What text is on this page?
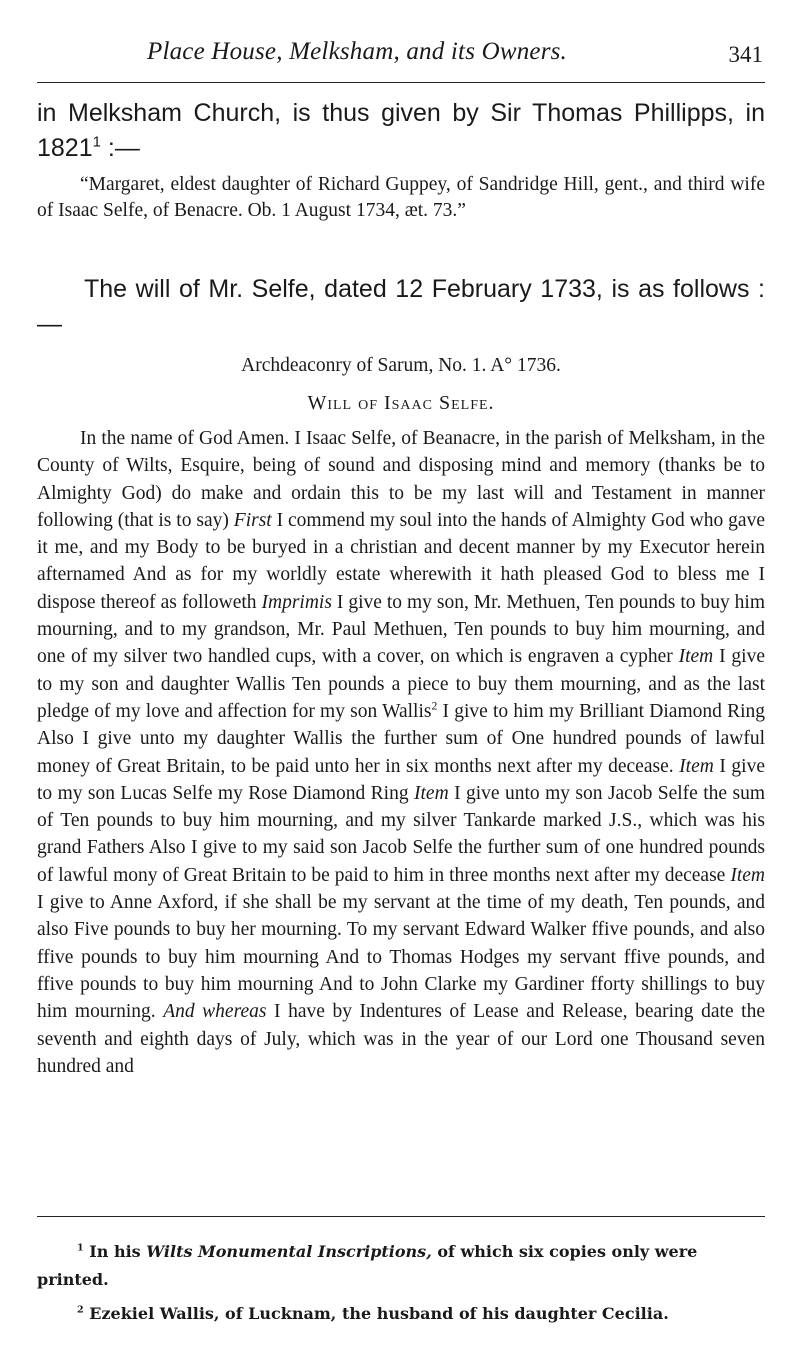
Place House, Melksham, and its Owners.	341
in Melksham Church, is thus given by Sir Thomas Phillipps, in 1821$^1$ :—

“Margaret, eldest daughter of Richard Guppey, of Sandridge Hill, gent., and third wife of Isaac Selfe, of Benacre. Ob. 1 August 1734, æt. 73.”

The will of Mr. Selfe, dated 12 February 1733, is as follows :—

Archdeaconry of Sarum, No. 1. A° 1736.
Will of Isaac Selfe.

In the name of God Amen. I Isaac Selfe, of Beanacre, in the parish of Melksham, in the County of Wilts, Esquire, being of sound and disposing mind and memory (thanks be to Almighty God) do make and ordain this to be my last will and Testament in manner following (that is to say) First I commend my soul into the hands of Almighty God who gave it me, and my Body to be buryed in a christian and decent manner by my Executor herein afternamed And as for my worldly estate wherewith it hath pleased God to bless me I dispose thereof as followeth Imprimis I give to my son, Mr. Methuen, Ten pounds to buy him mourning, and to my grandson, Mr. Paul Methuen, Ten pounds to buy him mourning, and one of my silver two handled cups, with a cover, on which is engraven a cypher Item I give to my son and daughter Wallis Ten pounds a piece to buy them mourning, and as the last pledge of my love and affection for my son Wallis$^2$ I give to him my Brilliant Diamond Ring Also I give unto my daughter Wallis the further sum of One hundred pounds of lawful money of Great Britain, to be paid unto her in six months next after my decease. Item I give to my son Lucas Selfe my Rose Diamond Ring Item I give unto my son Jacob Selfe the sum of Ten pounds to buy him mourning, and my silver Tankarde marked J.S., which was his grand Fathers Also I give to my said son Jacob Selfe the further sum of one hundred pounds of lawful mony of Great Britain to be paid to him in three months next after my decease Item I give to Anne Axford, if she shall be my servant at the time of my death, Ten pounds, and also Five pounds to buy her mourning. To my servant Edward Walker ffive pounds, and also ffive pounds to buy him mourning And to Thomas Hodges my servant ffive pounds, and ffive pounds to buy him mourning And to John Clarke my Gardiner fforty shillings to buy him mourning. And whereas I have by Indentures of Lease and Release, bearing date the seventh and eighth days of July, which was in the year of our Lord one Thousand seven hundred and

$^1$ In his Wilts Monumental Inscriptions, of which six copies only were printed.

$^2$ Ezekiel Wallis, of Lucknam, the husband of his daughter Cecilia.
